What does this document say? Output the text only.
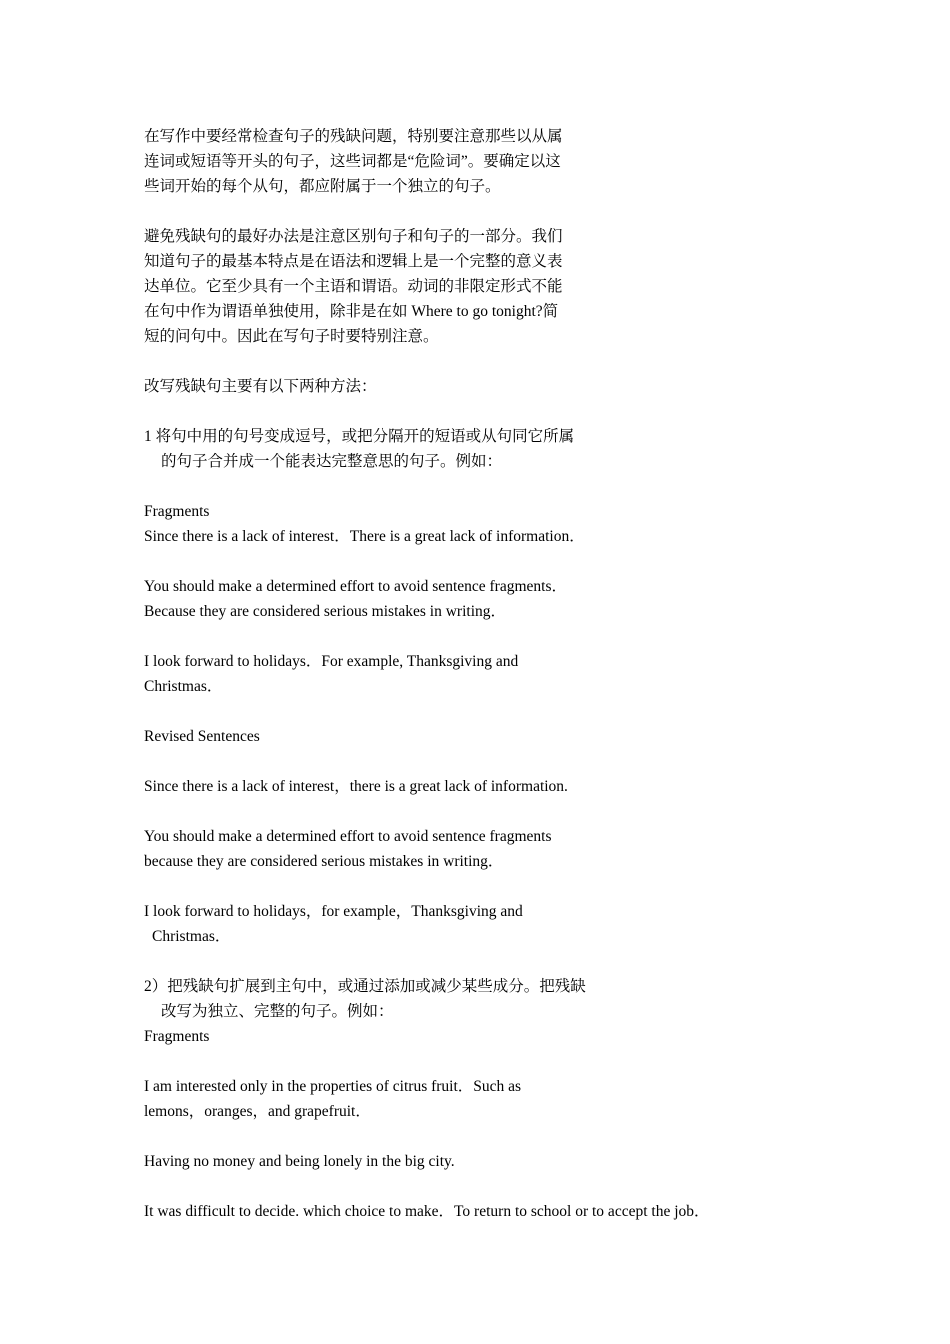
在写作中要经常检查句子的残缺问题，特别要注意那些以从属
连词或短语等开头的句子，这些词都是“危险词”。要确定以这
些词开始的每个从句，都应附属于一个独立的句子。
避免残缺句的最好办法是注意区别句子和句子的一部分。我们
知道句子的最基本特点是在语法和逻辑上是一个完整的意义表
达单位。它至少具有一个主语和谓语。动词的非限定形式不能
在句中作为谓语单独使用，除非是在如 Where to go tonight?简
短的问句中。因此在写句子时要特别注意。
改写残缺句主要有以下两种方法：
1 将句中用的句号变成逗号，或把分隔开的短语或从句同它所属
的句子合并成一个能表达完整意思的句子。例如：
Fragments
Since there is a lack of interest．There is a great lack of information．
You should make a determined effort to avoid sentence fragments．
Because they are considered serious mistakes in writing．
I look forward to holidays．For example, Thanksgiving and
Christmas．
Revised Sentences
Since there is a lack of interest，there is a great lack of information.
You should make a determined effort to avoid sentence fragments
because they are considered serious mistakes in writing．
I look forward to holidays，for example，Thanksgiving and
Christmas．
2）把残缺句扩展到主句中，或通过添加或减少某些成分。把残缺
改写为独立、完整的句子。例如：
Fragments
I am interested only in the properties of citrus fruit．Such as
lemons，oranges，and grapefruit．
Having no money and being lonely in the big city.
It was difficult to decide. which choice to make．To return to school or to accept the job．
